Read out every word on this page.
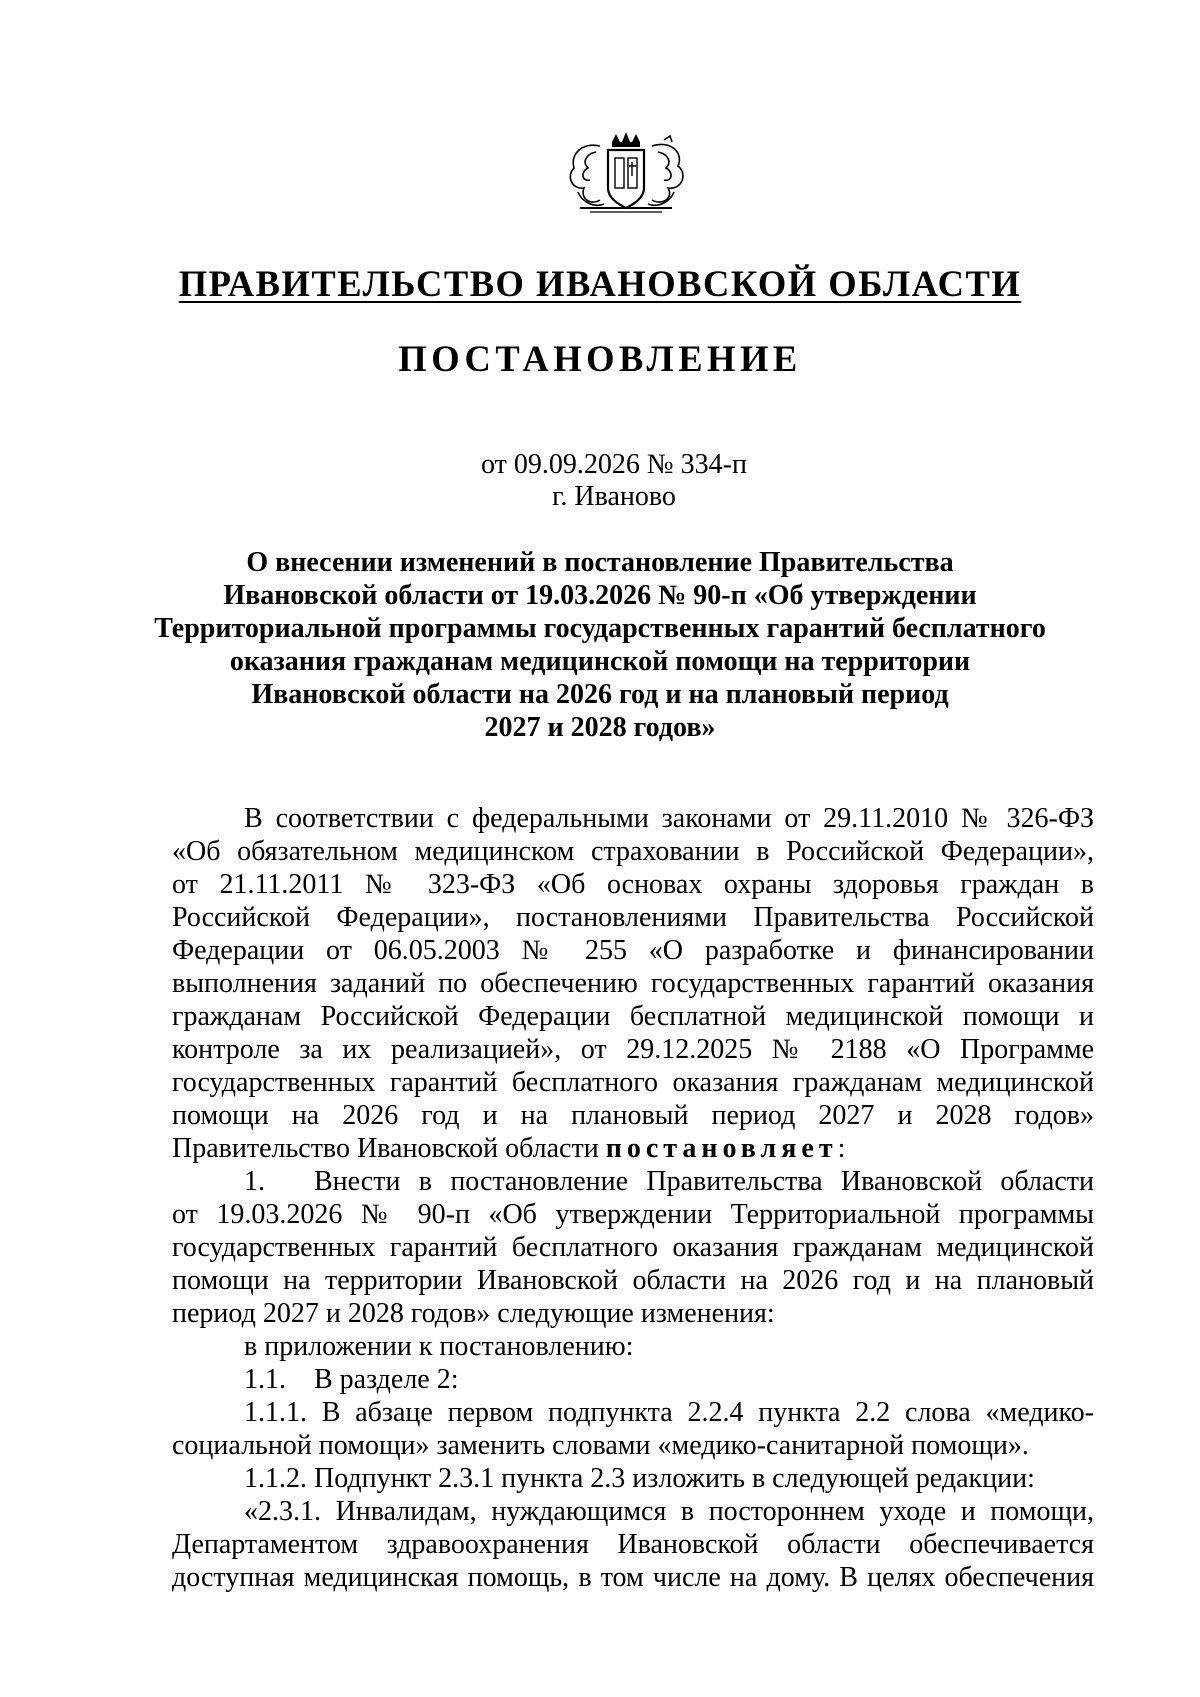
ПРАВИТЕЛЬСТВО ИВАНОВСКОЙ ОБЛАСТИ
ПОСТАНОВЛЕНИЕ
от 09.09.2026 № 334-п
г. Иваново
О внесении изменений в постановление Правительства
Ивановской области от 19.03.2026 № 90-п «Об утверждении
Территориальной программы государственных гарантий бесплатного
оказания гражданам медицинской помощи на территории
Ивановской области на 2026 год и на плановый период
2027 и 2028 годов»
В соответствии с федеральными законами от 29.11.2010 № 326-ФЗ
«Об обязательном медицинском страховании в Российской Федерации»,
от 21.11.2011 № 323-ФЗ «Об основах охраны здоровья граждан в
Российской Федерации», постановлениями Правительства Российской
Федерации от 06.05.2003 № 255 «О разработке и финансировании
выполнения заданий по обеспечению государственных гарантий оказания
гражданам Российской Федерации бесплатной медицинской помощи и
контроле за их реализацией», от 29.12.2025 № 2188 «О Программе
государственных гарантий бесплатного оказания гражданам медицинской
помощи на 2026 год и на плановый период 2027 и 2028 годов»
Правительство Ивановской области постановляет:
1. Внести в постановление Правительства Ивановской области
от 19.03.2026 № 90-п «Об утверждении Территориальной программы
государственных гарантий бесплатного оказания гражданам медицинской
помощи на территории Ивановской области на 2026 год и на плановый
период 2027 и 2028 годов» следующие изменения:
в приложении к постановлению:
1.1. В разделе 2:
1.1.1. В абзаце первом подпункта 2.2.4 пункта 2.2 слова «медико-
социальной помощи» заменить словами «медико-санитарной помощи».
1.1.2. Подпункт 2.3.1 пункта 2.3 изложить в следующей редакции:
«2.3.1. Инвалидам, нуждающимся в постороннем уходе и помощи,
Департаментом здравоохранения Ивановской области обеспечивается
доступная медицинская помощь, в том числе на дому. В целях обеспечения
